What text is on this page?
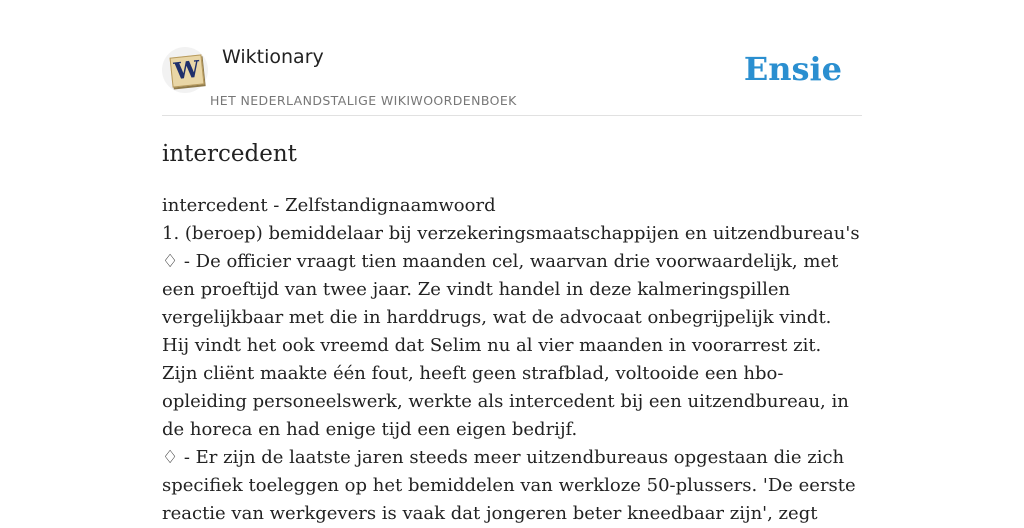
W Wiktionary
HET NEDERLANDSTALIGE WIKIWOORDENBOEK
Ensie
intercedent

intercedent - Zelfstandignaamwoord

1. (beroep) bemiddelaar bij verzekeringsmaatschappijen en uitzendbureau's

♢ - De officier vraagt tien maanden cel, waarvan drie voorwaardelijk, met een proeftijd van twee jaar. Ze vindt handel in deze kalmeringspillen vergelijkbaar met die in harddrugs, wat de advocaat onbegrijpelijk vindt. Hij vindt het ook vreemd dat Selim nu al vier maanden in voorarrest zit. Zijn cliënt maakte één fout, heeft geen strafblad, voltooide een hbo-opleiding personeelswerk, werkte als intercedent bij een uitzendbureau, in de horeca en had enige tijd een eigen bedrijf.

♢ - Er zijn de laatste jaren steeds meer uitzendbureaus opgestaan die zich specifiek toeleggen op het bemiddelen van werkloze 50-plussers. 'De eerste reactie van werkgevers is vaak dat jongeren beter kneedbaar zijn', zegt
